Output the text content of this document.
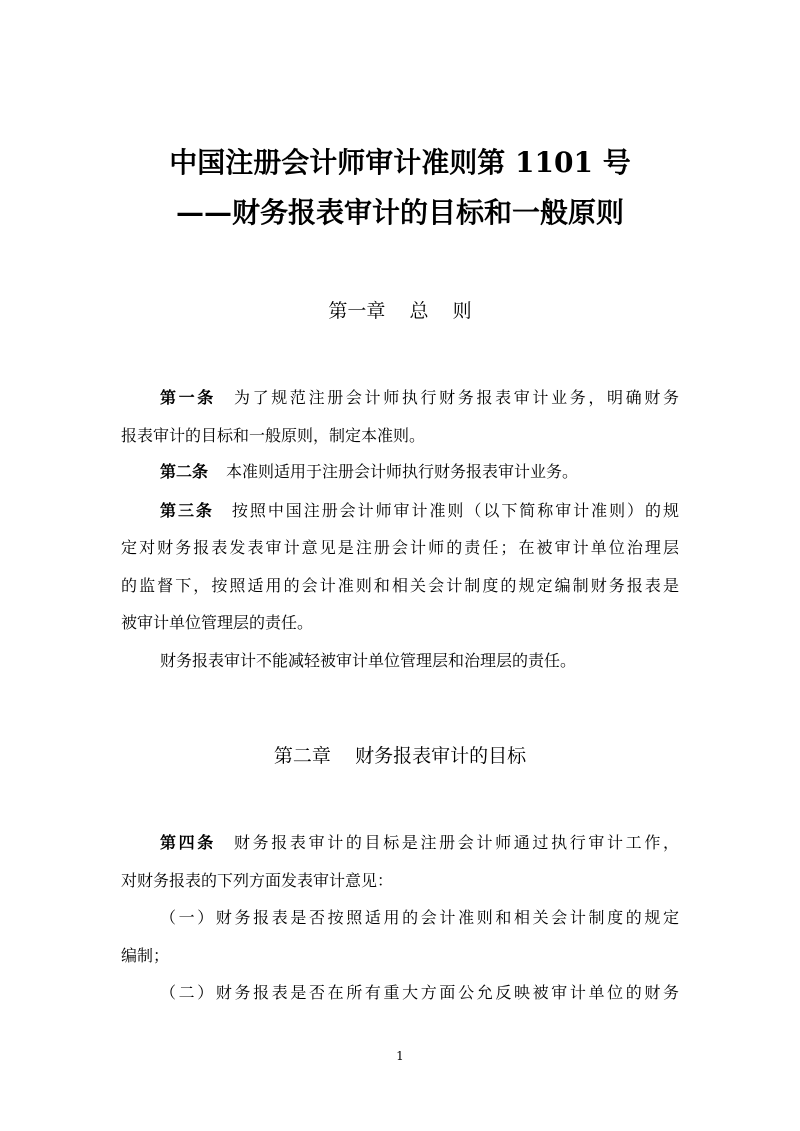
中国注册会计师审计准则第 1101 号
——财务报表审计的目标和一般原则
第一章    总    则
第一条 为了规范注册会计师执行财务报表审计业务，明确财务
报表审计的目标和一般原则，制定本准则。
第二条 本准则适用于注册会计师执行财务报表审计业务。
第三条 按照中国注册会计师审计准则（以下简称审计准则）的规
定对财务报表发表审计意见是注册会计师的责任；在被审计单位治理层
的监督下，按照适用的会计准则和相关会计制度的规定编制财务报表是
被审计单位管理层的责任。
财务报表审计不能减轻被审计单位管理层和治理层的责任。
第二章    财务报表审计的目标
第四条 财务报表审计的目标是注册会计师通过执行审计工作，
对财务报表的下列方面发表审计意见：
（一）财务报表是否按照适用的会计准则和相关会计制度的规定
编制；
（二）财务报表是否在所有重大方面公允反映被审计单位的财务
1
